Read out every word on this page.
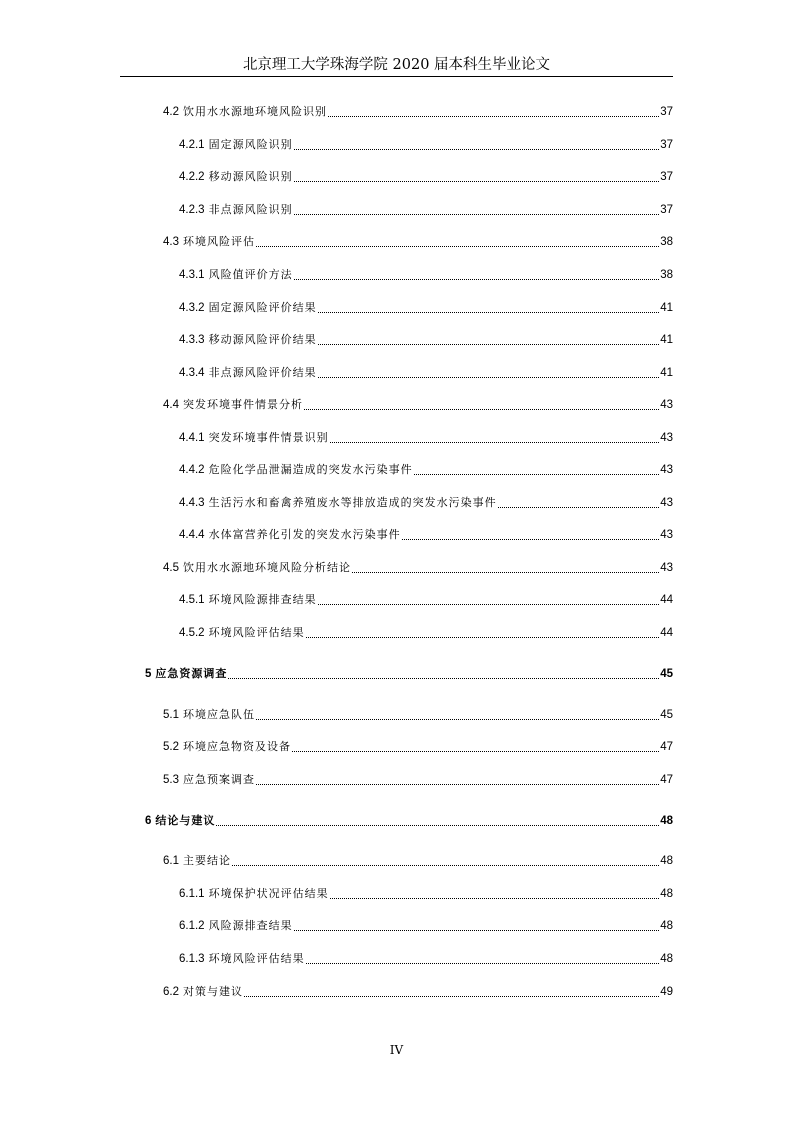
北京理工大学珠海学院 2020 届本科生毕业论文
4.2 饮用水水源地环境风险识别	37
4.2.1 固定源风险识别	37
4.2.2 移动源风险识别	37
4.2.3 非点源风险识别	37
4.3 环境风险评估	38
4.3.1 风险值评价方法	38
4.3.2 固定源风险评价结果	41
4.3.3 移动源风险评价结果	41
4.3.4 非点源风险评价结果	41
4.4 突发环境事件情景分析	43
4.4.1 突发环境事件情景识别	43
4.4.2 危险化学品泄漏造成的突发水污染事件	43
4.4.3 生活污水和畜禽养殖废水等排放造成的突发水污染事件	43
4.4.4 水体富营养化引发的突发水污染事件	43
4.5 饮用水水源地环境风险分析结论	43
4.5.1 环境风险源排查结果	44
4.5.2 环境风险评估结果	44
5 应急资源调查	45
5.1 环境应急队伍	45
5.2 环境应急物资及设备	47
5.3 应急预案调查	47
6 结论与建议	48
6.1 主要结论	48
6.1.1 环境保护状况评估结果	48
6.1.2 风险源排查结果	48
6.1.3 环境风险评估结果	48
6.2 对策与建议	49
IV
